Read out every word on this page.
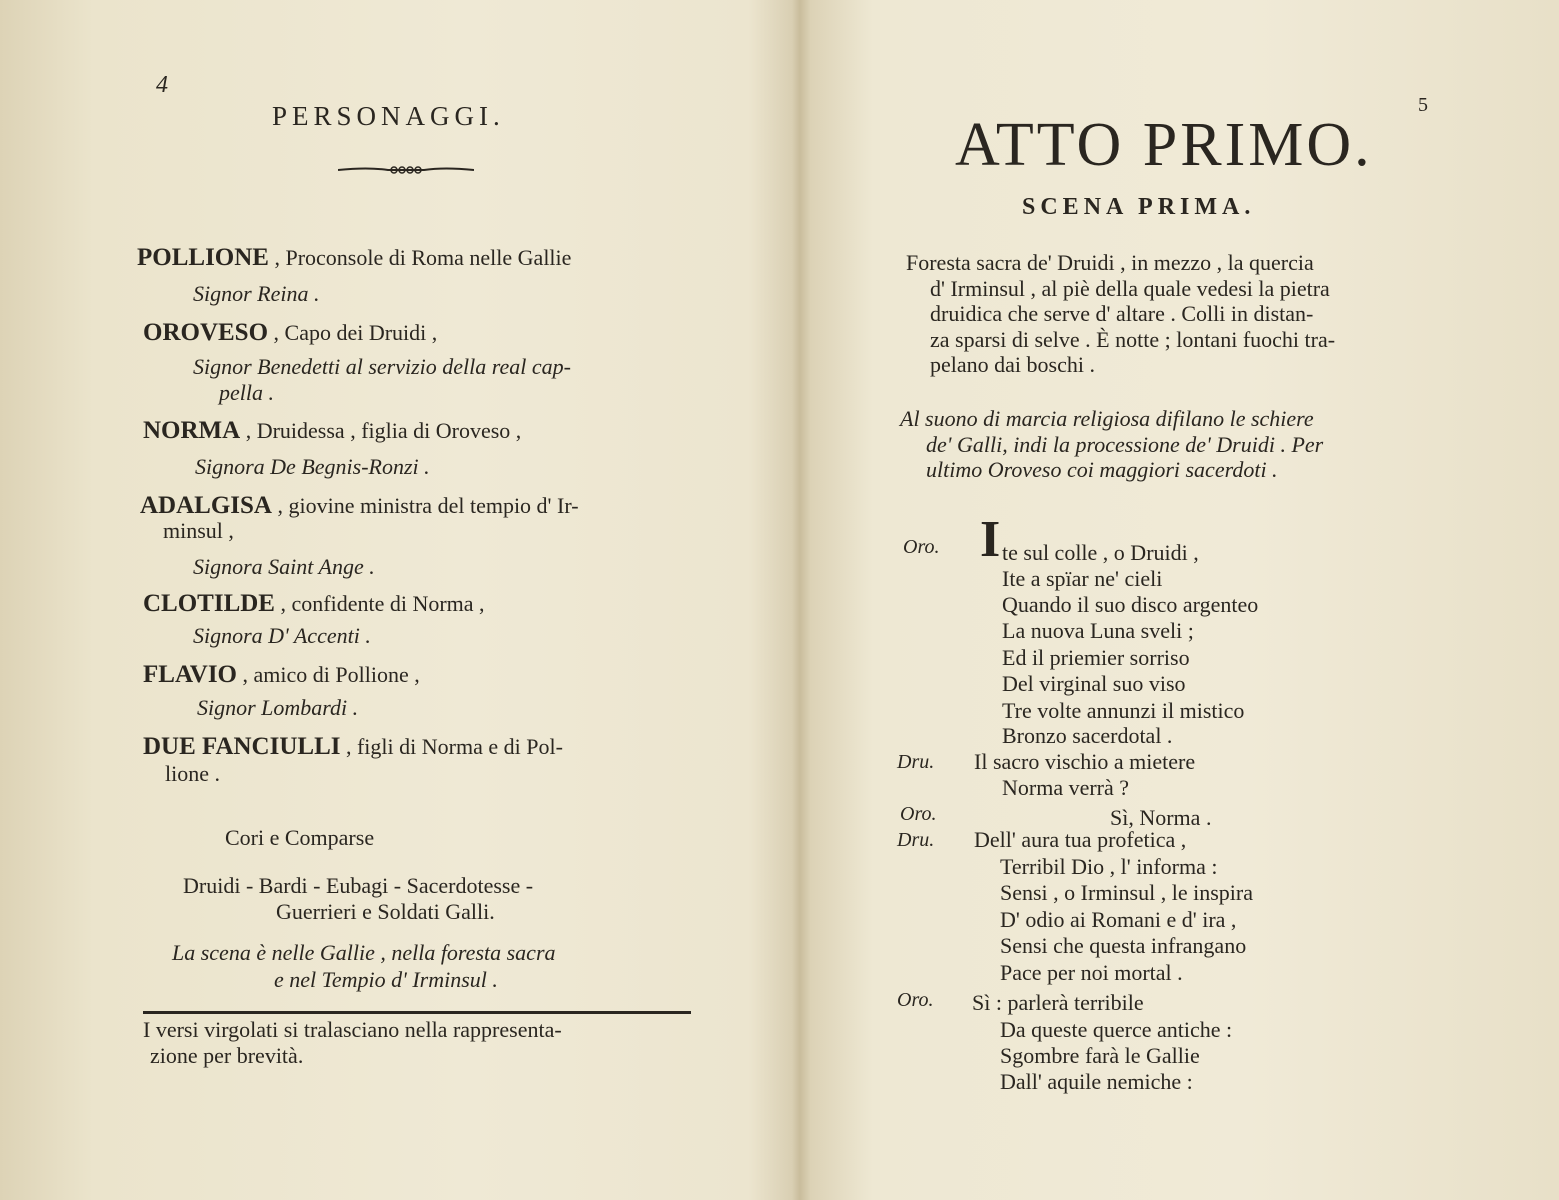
4
PERSONAGGI.
POLLIONE , Proconsole di Roma nelle Gallie
Signor Reina .
OROVESO , Capo dei Druidi ,
Signor Benedetti al servizio della real cap-
pella .
NORMA , Druidessa , figlia di Oroveso ,
Signora De Begnis-Ronzi .
ADALGISA , giovine ministra del tempio d' Ir-
minsul ,
Signora Saint Ange .
CLOTILDE , confidente di Norma ,
Signora D' Accenti .
FLAVIO , amico di Pollione ,
Signor Lombardi .
DUE FANCIULLI , figli di Norma e di Pol-
lione .
Cori e Comparse
Druidi - Bardi - Eubagi - Sacerdotesse -
Guerrieri e Soldati Galli.
La scena è nelle Gallie , nella foresta sacra
e nel Tempio d' Irminsul .
I versi virgolati si tralasciano nella rappresenta-
zione per brevità.
5
ATTO PRIMO.
SCENA PRIMA.
Foresta sacra de' Druidi , in mezzo , la quercia
d' Irminsul , al piè della quale vedesi la pietra
druidica che serve d' altare . Colli in distan-
za sparsi di selve . È notte ; lontani fuochi tra-
pelano dai boschi .
Al suono di marcia religiosa difilano le schiere
de' Galli, indi la processione de' Druidi . Per
ultimo Oroveso coi maggiori sacerdoti .
Oro. I te sul colle , o Druidi ,
Ite a spïar ne' cieli
Quando il suo disco argenteo
La nuova Luna sveli ;
Ed il priemier sorriso
Del virginal suo viso
Tre volte annunzi il mistico
Bronzo sacerdotal .
Dru. Il sacro vischio a mietere
Norma verrà ?
Oro.	Sì, Norma .
Dru. Dell' aura tua profetica ,
Terribil Dio , l' informa :
Sensi , o Irminsul , le inspira
D' odio ai Romani e d' ira ,
Sensi che questa infrangano
Pace per noi mortal .
Oro. Sì : parlerà terribile
Da queste querce antiche :
Sgombre farà le Gallie
Dall' aquile nemiche :
